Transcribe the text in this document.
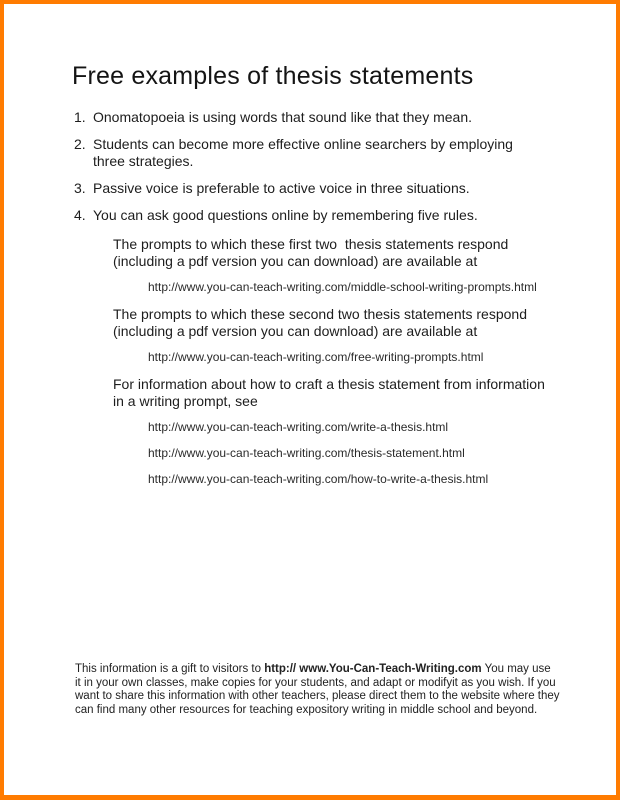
Free examples of thesis statements
1. Onomatopoeia is using words that sound like that they mean.
2. Students can become more effective online searchers by employing
three strategies.
3. Passive voice is preferable to active voice in three situations.
4. You can ask good questions online by remembering five rules.
The prompts to which these first two  thesis statements respond
(including a pdf version you can download) are available at
http://www.you-can-teach-writing.com/middle-school-writing-prompts.html
The prompts to which these second two thesis statements respond
(including a pdf version you can download) are available at
http://www.you-can-teach-writing.com/free-writing-prompts.html
For information about how to craft a thesis statement from information
in a writing prompt, see
http://www.you-can-teach-writing.com/write-a-thesis.html
http://www.you-can-teach-writing.com/thesis-statement.html
http://www.you-can-teach-writing.com/how-to-write-a-thesis.html
This information is a gift to visitors to http:// www.You-Can-Teach-Writing.com You may use
it in your own classes, make copies for your students, and adapt or modifyit as you wish. If you
want to share this information with other teachers, please direct them to the website where they
can find many other resources for teaching expository writing in middle school and beyond.
